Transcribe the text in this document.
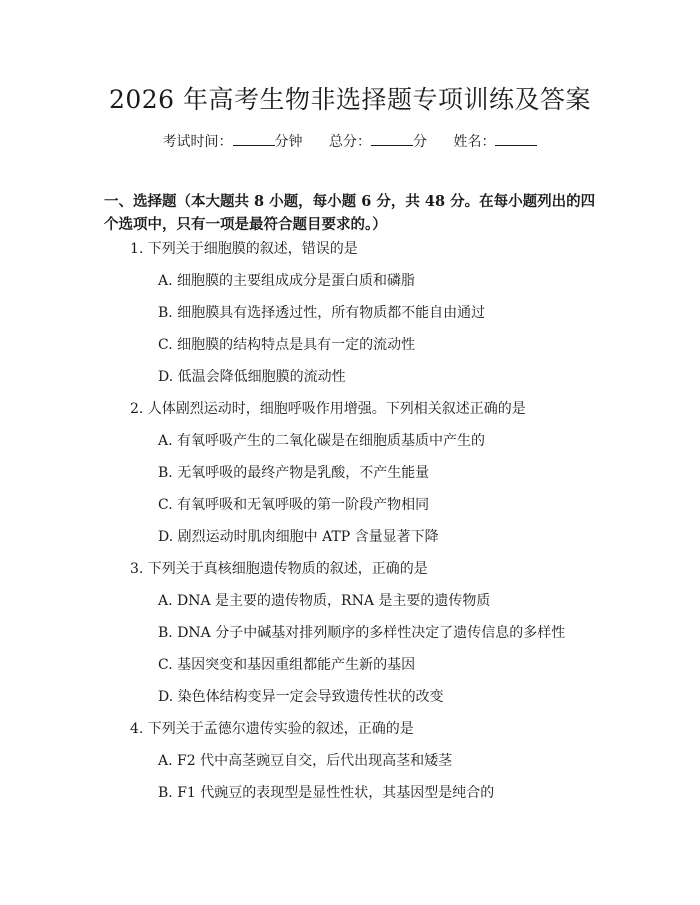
2026 年高考生物非选择题专项训练及答案
考试时间：	分钟 总分：	分 姓名：
一、选择题（本大题共 8 小题，每小题 6 分，共 48 分。在每小题列出的四个选项中，只有一项是最符合题目要求的。）
1. 下列关于细胞膜的叙述，错误的是
A. 细胞膜的主要组成成分是蛋白质和磷脂
B. 细胞膜具有选择透过性，所有物质都不能自由通过
C. 细胞膜的结构特点是具有一定的流动性
D. 低温会降低细胞膜的流动性
2. 人体剧烈运动时，细胞呼吸作用增强。下列相关叙述正确的是
A. 有氧呼吸产生的二氧化碳是在细胞质基质中产生的
B. 无氧呼吸的最终产物是乳酸，不产生能量
C. 有氧呼吸和无氧呼吸的第一阶段产物相同
D. 剧烈运动时肌肉细胞中 ATP 含量显著下降
3. 下列关于真核细胞遗传物质的叙述，正确的是
A. DNA 是主要的遗传物质，RNA 是主要的遗传物质
B. DNA 分子中碱基对排列顺序的多样性决定了遗传信息的多样性
C. 基因突变和基因重组都能产生新的基因
D. 染色体结构变异一定会导致遗传性状的改变
4. 下列关于孟德尔遗传实验的叙述，正确的是
A. F2 代中高茎豌豆自交，后代出现高茎和矮茎
B. F1 代豌豆的表现型是显性性状，其基因型是纯合的
